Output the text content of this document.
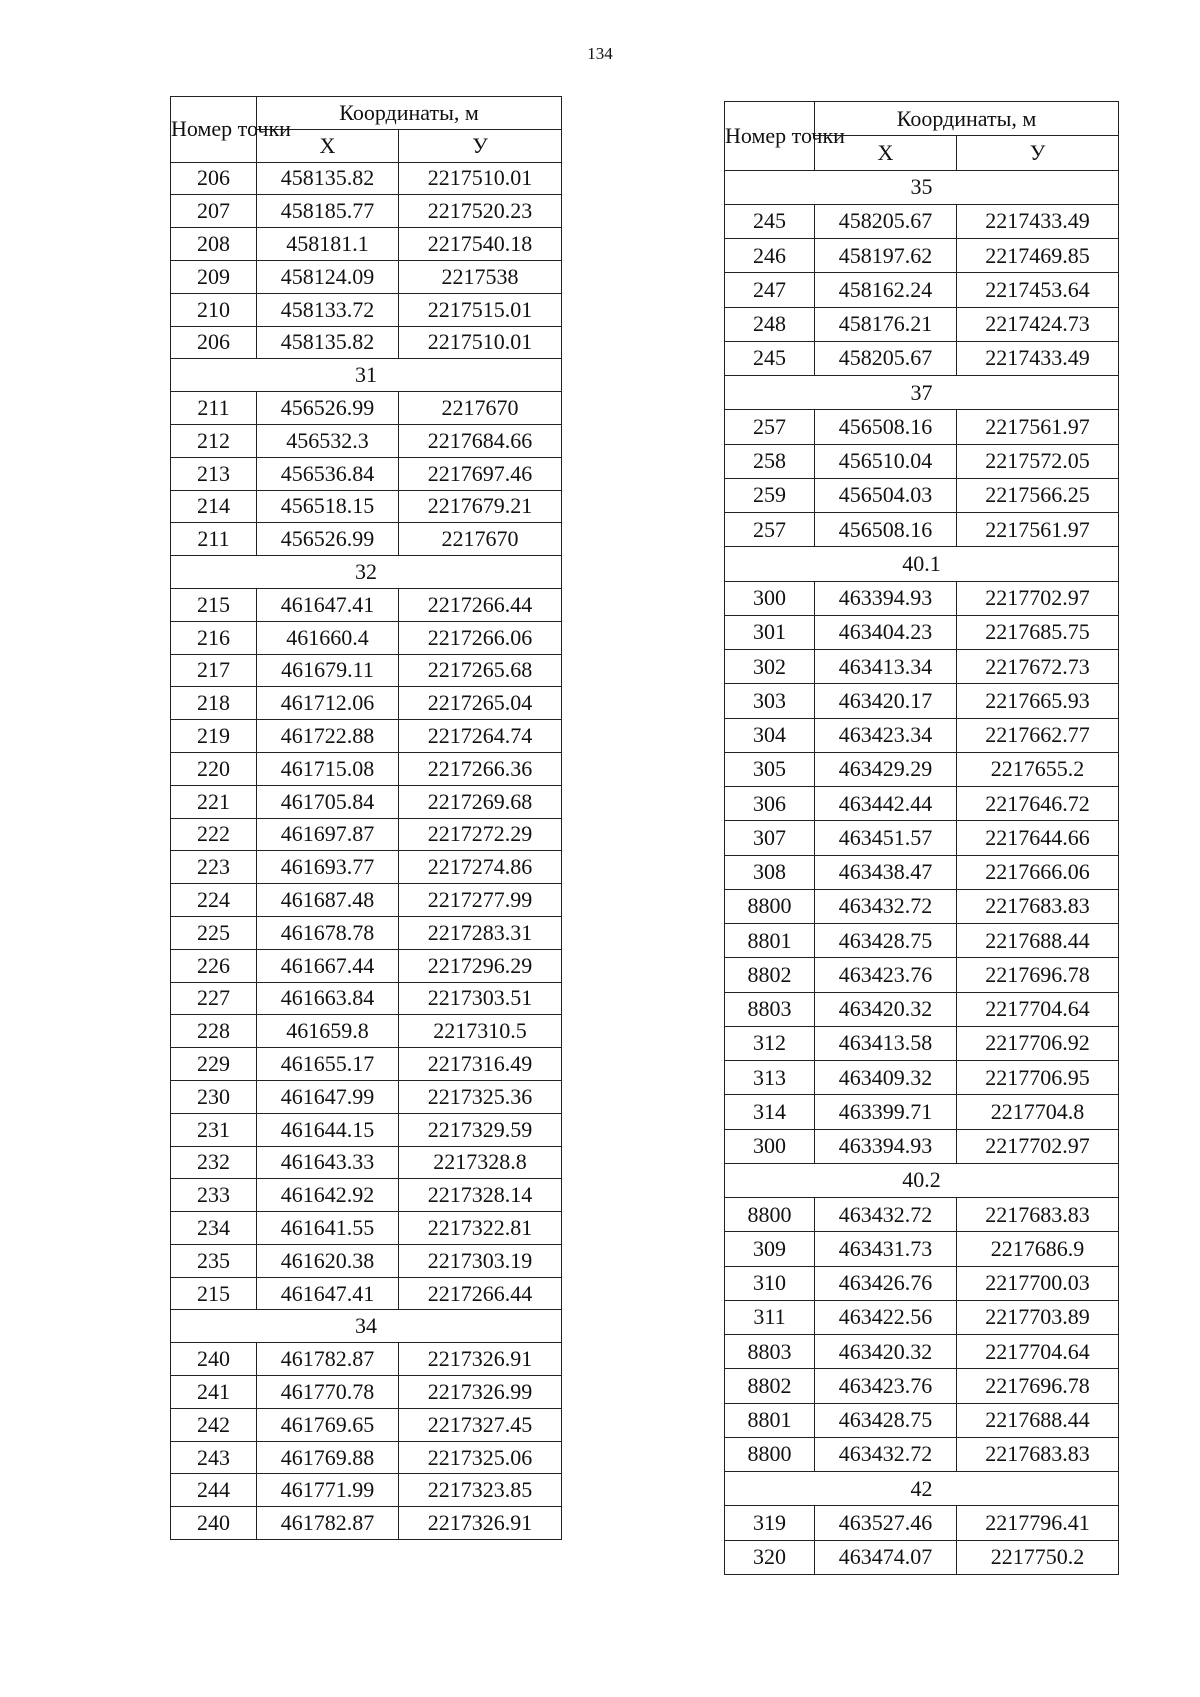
134
Номер точки	Координаты, м	
	X	У
206	458135.82	2217510.01
207	458185.77	2217520.23
208	458181.1	2217540.18
209	458124.09	2217538
210	458133.72	2217515.01
206	458135.82	2217510.01
31		
211	456526.99	2217670
212	456532.3	2217684.66
213	456536.84	2217697.46
214	456518.15	2217679.21
211	456526.99	2217670
32		
215	461647.41	2217266.44
216	461660.4	2217266.06
217	461679.11	2217265.68
218	461712.06	2217265.04
219	461722.88	2217264.74
220	461715.08	2217266.36
221	461705.84	2217269.68
222	461697.87	2217272.29
223	461693.77	2217274.86
224	461687.48	2217277.99
225	461678.78	2217283.31
226	461667.44	2217296.29
227	461663.84	2217303.51
228	461659.8	2217310.5
229	461655.17	2217316.49
230	461647.99	2217325.36
231	461644.15	2217329.59
232	461643.33	2217328.8
233	461642.92	2217328.14
234	461641.55	2217322.81
235	461620.38	2217303.19
215	461647.41	2217266.44
34		
240	461782.87	2217326.91
241	461770.78	2217326.99
242	461769.65	2217327.45
243	461769.88	2217325.06
244	461771.99	2217323.85
240	461782.87	2217326.91
Номер точки	Координаты, м	
	X	У
35		
245	458205.67	2217433.49
246	458197.62	2217469.85
247	458162.24	2217453.64
248	458176.21	2217424.73
245	458205.67	2217433.49
37		
257	456508.16	2217561.97
258	456510.04	2217572.05
259	456504.03	2217566.25
257	456508.16	2217561.97
40.1		
300	463394.93	2217702.97
301	463404.23	2217685.75
302	463413.34	2217672.73
303	463420.17	2217665.93
304	463423.34	2217662.77
305	463429.29	2217655.2
306	463442.44	2217646.72
307	463451.57	2217644.66
308	463438.47	2217666.06
8800	463432.72	2217683.83
8801	463428.75	2217688.44
8802	463423.76	2217696.78
8803	463420.32	2217704.64
312	463413.58	2217706.92
313	463409.32	2217706.95
314	463399.71	2217704.8
300	463394.93	2217702.97
40.2		
8800	463432.72	2217683.83
309	463431.73	2217686.9
310	463426.76	2217700.03
311	463422.56	2217703.89
8803	463420.32	2217704.64
8802	463423.76	2217696.78
8801	463428.75	2217688.44
8800	463432.72	2217683.83
42		
319	463527.46	2217796.41
320	463474.07	2217750.2
